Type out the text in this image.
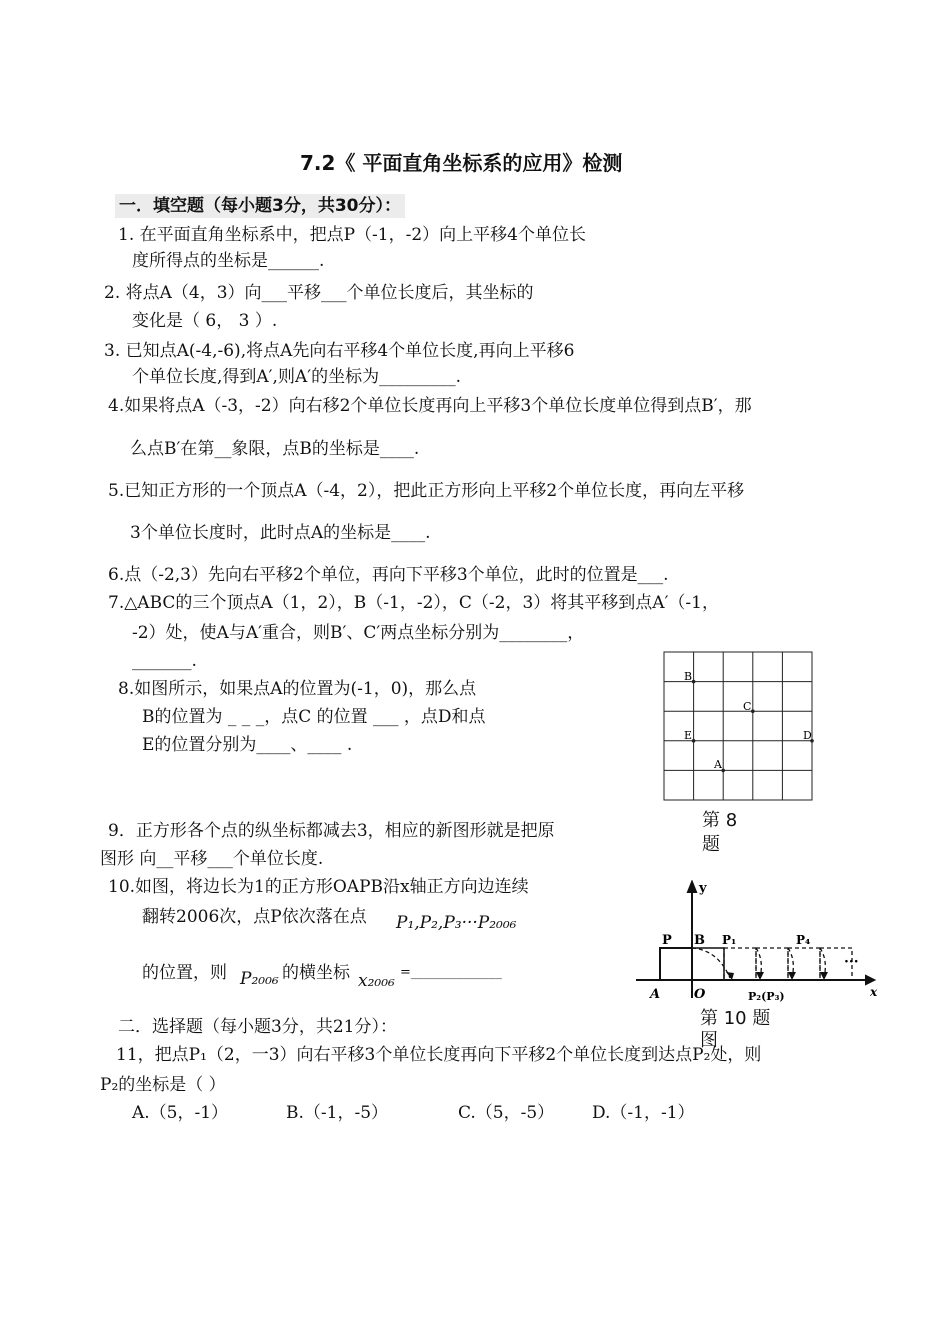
7.2《 平面直角坐标系的应用》检测
一．填空题（每小题3分，共30分）：
1. 在平面直角坐标系中，把点P（-1，-2）向上平移4个单位长
度所得点的坐标是______.
2. 将点A（4，3）向___平移___个单位长度后，其坐标的
变化是（ 6， 3 ）.
3. 已知点A(-4,-6),将点A先向右平移4个单位长度,再向上平移6
个单位长度,得到A′,则A′的坐标为_________.
4.如果将点A（-3，-2）向右移2个单位长度再向上平移3个单位长度单位得到点B′，那
么点B′在第__象限，点B的坐标是____.
5.已知正方形的一个顶点A（-4，2），把此正方形向上平移2个单位长度，再向左平移
3个单位长度时，此时点A的坐标是____.
6.点（-2,3）先向右平移2个单位，再向下平移3个单位，此时的位置是___.
7.△ABC的三个顶点A（1，2），B（-1，-2），C（-2，3）将其平移到点A′（-1，
-2）处，使A与A′重合，则B′、C′两点坐标分别为________，
_______.
8.如图所示，如果点A的位置为(-1，0)，那么点
B的位置为 _ _ _，点C 的位置 ___ ，点D和点
E的位置分别为____、____ .
B
C
E	D
A
第 8
题
9．正方形各个点的纵坐标都减去3，相应的新图形就是把原
图形 向__平移___个单位长度.
10.如图，将边长为1的正方形OAPB沿x轴正方向边连续
翻转2006次，点P依次落在点 P₁,P₂,P₃···P₂₀₀₆
的位置，则 P₂₀₀₆ 的横坐标 x₂₀₀₆ =______________
y
P B P₁	P₄
···
A	O	P₂(P₃)	x
第 10 题
图
二．选择题（每小题3分，共21分）：
11，把点P₁（2，一3）向右平移3个单位长度再向下平移2个单位长度到达点P₂处，则
P₂的坐标是（ ）
A.（5，-1）	B.（-1，-5）	C.（5，-5） D.（-1，-1）
